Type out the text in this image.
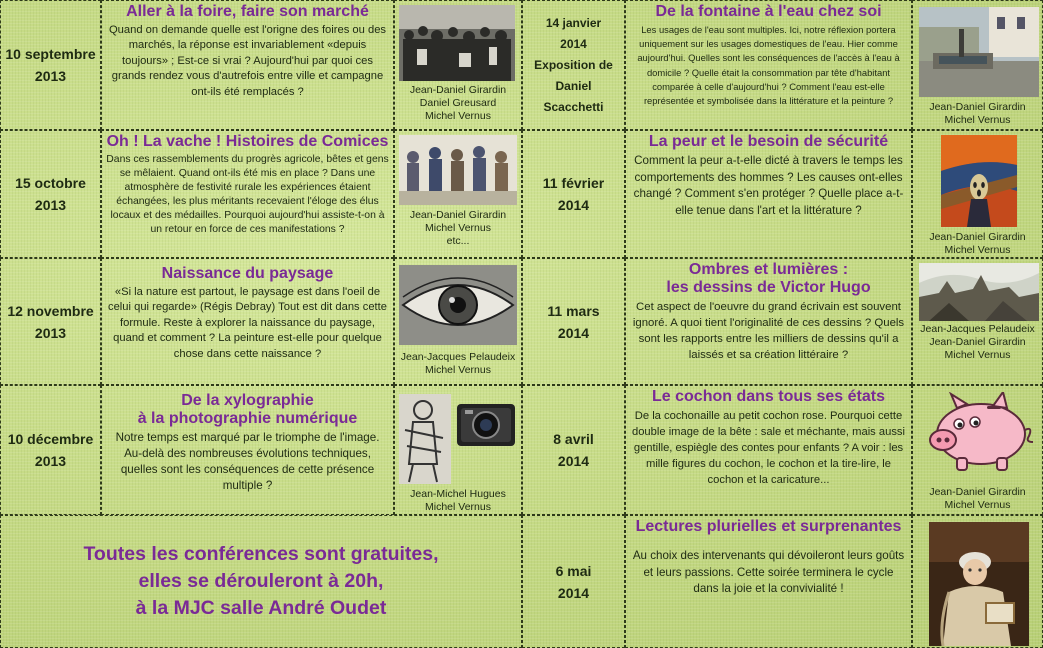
10 septembre
2013

Aller à la foire, faire son marché

Quand on demande quelle est l'origne des foires ou des marchés, la réponse est invariablement «depuis toujours» ; Est-ce si vrai ? Aujourd'hui par quoi ces grands rendez vous d'autrefois entre ville et campagne ont-ils été remplacés ?	Jean-Daniel Girardin
Daniel Greusard
Michel Vernus
15 octobre
2013

Oh ! La vache ! Histoires de Comices

Dans ces rassemblements du progrès agricole, bêtes et gens se mêlaient. Quand ont-ils été mis en place ? Dans une atmosphère de festivité rurale les expériences étaient échangées, les plus méritants recevaient l'éloge des élus locaux et des médailles. Pourquoi aujourd'hui assiste-t-on à un retour en force de ces manifestations ?

Jean-Daniel Girardin
Michel Vernus
etc...
12 novembre
2013

Naissance du paysage

«Si la nature est partout, le paysage est dans l'oeil de celui qui regarde» (Régis Debray) Tout est dit dans cette formule. Reste à explorer la naissance du paysage, quand et comment ? La peinture est-elle pour quelque chose dans cette naissance ?	Jean-Jacques Pelaudeix
Michel Vernus
10 décembre
2013

De la xylographie
à la photographie numérique

Notre temps est marqué par le triomphe de l'image. Au-delà des nombreuses évolutions techniques, quelles sont les conséquences de cette présence multiple ?

Jean-Michel Hugues
Michel Vernus
Toutes les conférences sont gratuites,
elles se dérouleront à 20h,
à la MJC salle André Oudet
14 janvier
2014
Exposition de
Daniel
Scacchetti

De la fontaine à l'eau chez soi

Les usages de l'eau sont multiples. Ici, notre réflexion portera uniquement sur les usages domestiques de l'eau. Hier comme aujourd'hui. Quelles sont les conséquences de l'accès à l'eau à domicile ? Quelle était la consommation par tête d'habitant comparée à celle d'aujourd'hui ? Comment l'eau est-elle représentée et symbolisée dans la littérature et la peinture ?

Jean-Daniel Girardin
Michel Vernus
11 février
2014

La peur et le besoin de sécurité

Comment la peur a-t-elle dicté à travers le temps les comportements des hommes ? Les causes ont-elles changé ? Comment s'en protéger ? Quelle place a-t-elle tenue dans l'art et la littérature ?

Jean-Daniel Girardin
Michel Vernus
11 mars
2014

Ombres et lumières :
les dessins de Victor Hugo

Cet aspect de l'oeuvre du grand écrivain est souvent ignoré. A quoi tient l'originalité de ces dessins ? Quels sont les rapports entre les milliers de dessins qu'il a laissés et sa création littéraire ?

Jean-Jacques Pelaudeix
Jean-Daniel Girardin
Michel Vernus
8 avril
2014

Le cochon dans tous ses états

De la cochonaille au petit cochon rose. Pourquoi cette double image de la bête : sale et méchante, mais aussi gentille, espiègle des contes pour enfants ? A voir : les mille figures du cochon, le cochon et la tire-lire, le cochon et la caricature...

Jean-Daniel Girardin
Michel Vernus
6 mai
2014

Lectures plurielles et surprenantes

Au choix des intervenants qui dévoileront leurs goûts et leurs passions. Cette soirée terminera le cycle dans la joie et la convivialité !
